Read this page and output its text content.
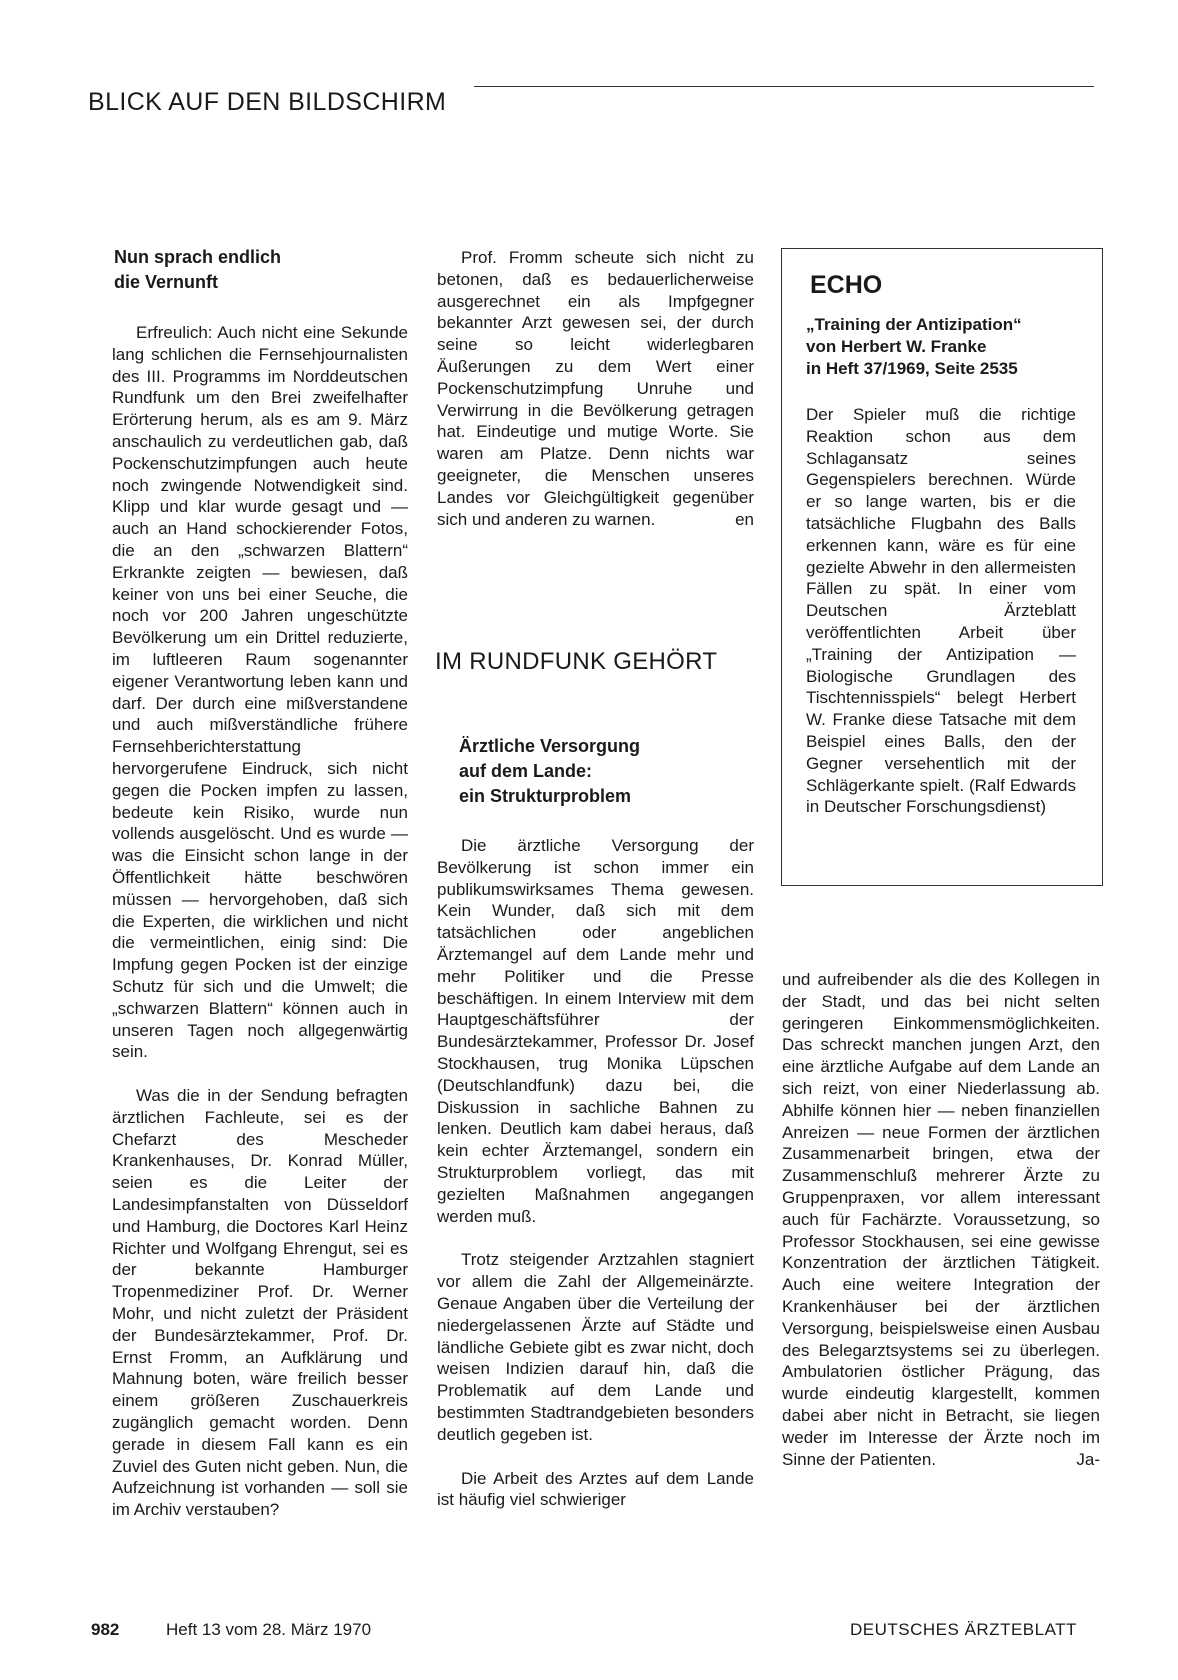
BLICK AUF DEN BILDSCHIRM
Nun sprach endlich
die Vernunft

Erfreulich: Auch nicht eine Sekunde lang schlichen die Fernsehjournalisten des III. Programms im Norddeutschen Rundfunk um den Brei zweifelhafter Erörterung herum, als es am 9. März anschaulich zu verdeutlichen gab, daß Pockenschutzimpfungen auch heute noch zwingende Notwendigkeit sind. Klipp und klar wurde gesagt und — auch an Hand schockierender Fotos, die an den „schwarzen Blattern“ Erkrankte zeigten — bewiesen, daß keiner von uns bei einer Seuche, die noch vor 200 Jahren ungeschützte Bevölkerung um ein Drittel reduzierte, im luftleeren Raum sogenannter eigener Verantwortung leben kann und darf. Der durch eine mißverstandene und auch mißverständliche frühere Fernsehberichterstattung hervorgerufene Eindruck, sich nicht gegen die Pocken impfen zu lassen, bedeute kein Risiko, wurde nun vollends ausgelöscht. Und es wurde — was die Einsicht schon lange in der Öffentlichkeit hätte beschwören müssen — hervorgehoben, daß sich die Experten, die wirklichen und nicht die vermeintlichen, einig sind: Die Impfung gegen Pocken ist der einzige Schutz für sich und die Umwelt; die „schwarzen Blattern“ können auch in unseren Tagen noch allgegenwärtig sein.

Was die in der Sendung befragten ärztlichen Fachleute, sei es der Chefarzt des Mescheder Krankenhauses, Dr. Konrad Müller, seien es die Leiter der Landesimpfanstalten von Düsseldorf und Hamburg, die Doctores Karl Heinz Richter und Wolfgang Ehrengut, sei es der bekannte Hamburger Tropenmediziner Prof. Dr. Werner Mohr, und nicht zuletzt der Präsident der Bundesärztekammer, Prof. Dr. Ernst Fromm, an Aufklärung und Mahnung boten, wäre freilich besser einem größeren Zuschauerkreis zugänglich gemacht worden. Denn gerade in diesem Fall kann es ein Zuviel des Guten nicht geben. Nun, die Aufzeichnung ist vorhanden — soll sie im Archiv verstauben?

Prof. Fromm scheute sich nicht zu betonen, daß es bedauerlicherweise ausgerechnet ein als Impfgegner bekannter Arzt gewesen sei, der durch seine so leicht widerlegbaren Äußerungen zu dem Wert einer Pockenschutzimpfung Unruhe und Verwirrung in die Bevölkerung getragen hat. Eindeutige und mutige Worte. Sie waren am Platze. Denn nichts war geeigneter, die Menschen unseres Landes vor Gleichgültigkeit gegenüber sich und anderen zu warnen.	en

IM RUNDFUNK GEHÖRT
Ärztliche Versorgung
auf dem Lande:
ein Strukturproblem

Die ärztliche Versorgung der Bevölkerung ist schon immer ein publikumswirksames Thema gewesen. Kein Wunder, daß sich mit dem tatsächlichen oder angeblichen Ärztemangel auf dem Lande mehr und mehr Politiker und die Presse beschäftigen. In einem Interview mit dem Hauptgeschäftsführer der Bundesärztekammer, Professor Dr. Josef Stockhausen, trug Monika Lüpschen (Deutschlandfunk) dazu bei, die Diskussion in sachliche Bahnen zu lenken. Deutlich kam dabei heraus, daß kein echter Ärztemangel, sondern ein Strukturproblem vorliegt, das mit gezielten Maßnahmen angegangen werden muß.

Trotz steigender Arztzahlen stagniert vor allem die Zahl der Allgemeinärzte. Genaue Angaben über die Verteilung der niedergelassenen Ärzte auf Städte und ländliche Gebiete gibt es zwar nicht, doch weisen Indizien darauf hin, daß die Problematik auf dem Lande und bestimmten Stadtrandgebieten besonders deutlich gegeben ist.

Die Arbeit des Arztes auf dem Lande ist häufig viel schwieriger

ECHO
„Training der Antizipation“
von Herbert W. Franke
in Heft 37/1969, Seite 2535

Der Spieler muß die richtige Reaktion schon aus dem Schlagansatz seines Gegenspielers berechnen. Würde er so lange warten, bis er die tatsächliche Flugbahn des Balls erkennen kann, wäre es für eine gezielte Abwehr in den allermeisten Fällen zu spät. In einer vom Deutschen Ärzteblatt veröffentlichten Arbeit über „Training der Antizipation — Biologische Grundlagen des Tischtennisspiels“ belegt Herbert W. Franke diese Tatsache mit dem Beispiel eines Balls, den der Gegner versehentlich mit der Schlägerkante spielt. (Ralf Edwards in Deutscher Forschungsdienst)

und aufreibender als die des Kollegen in der Stadt, und das bei nicht selten geringeren Einkommensmöglichkeiten. Das schreckt manchen jungen Arzt, den eine ärztliche Aufgabe auf dem Lande an sich reizt, von einer Niederlassung ab. Abhilfe können hier — neben finanziellen Anreizen — neue Formen der ärztlichen Zusammenarbeit bringen, etwa der Zusammenschluß mehrerer Ärzte zu Gruppenpraxen, vor allem interessant auch für Fachärzte. Voraussetzung, so Professor Stockhausen, sei eine gewisse Konzentration der ärztlichen Tätigkeit. Auch eine weitere Integration der Krankenhäuser bei der ärztlichen Versorgung, beispielsweise einen Ausbau des Belegarztsystems sei zu überlegen. Ambulatorien östlicher Prägung, das wurde eindeutig klargestellt, kommen dabei aber nicht in Betracht, sie liegen weder im Interesse der Ärzte noch im Sinne der Patienten.	Ja-

982	Heft 13 vom 28. März 1970	DEUTSCHES ÄRZTEBLATT
